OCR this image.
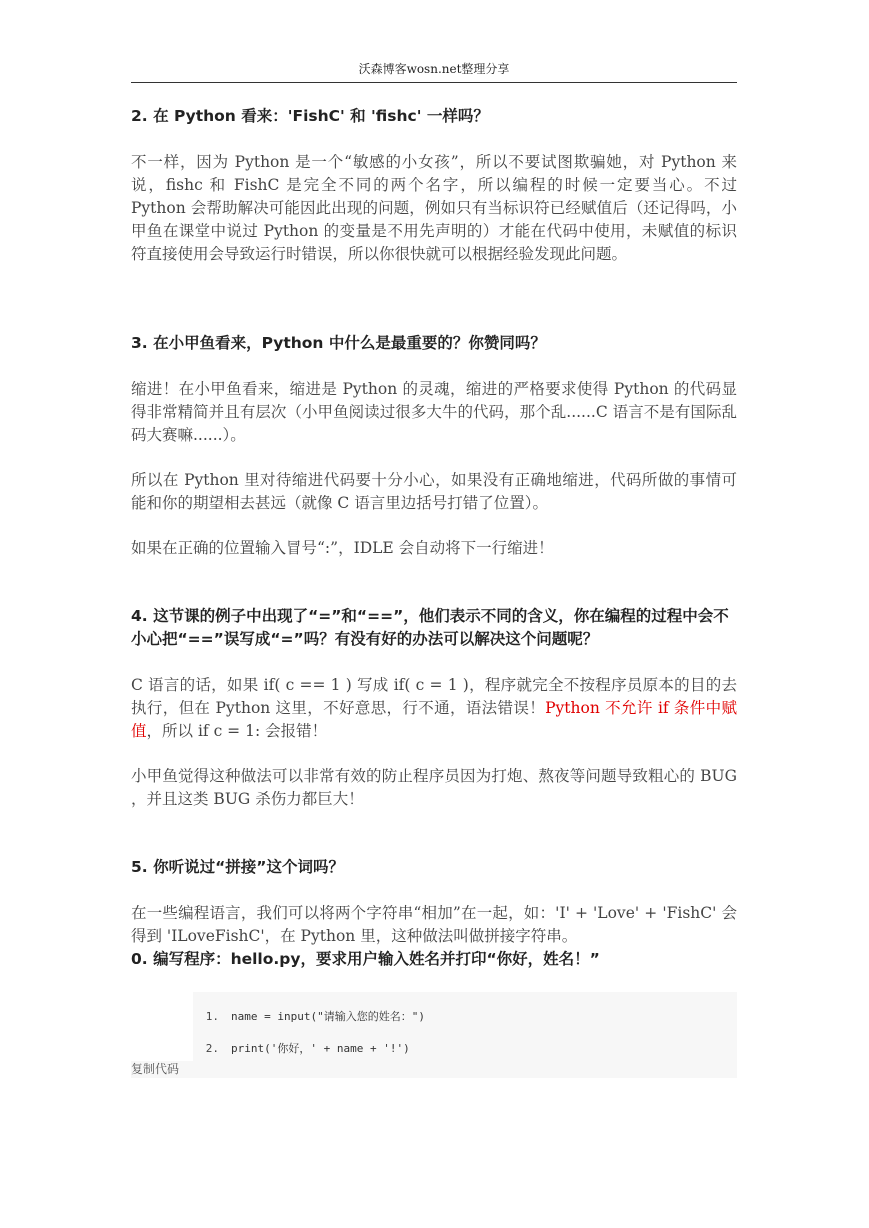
沃森博客wosn.net整理分享
2. 在 Python 看来：'FishC' 和 'fishc' 一样吗？
不一样，因为 Python 是一个“敏感的小女孩”，所以不要试图欺骗她，对 Python 来说，fishc 和 FishC 是完全不同的两个名字，所以编程的时候一定要当心。不过 Python 会帮助解决可能因此出现的问题，例如只有当标识符已经赋值后（还记得吗，小甲鱼在课堂中说过 Python 的变量是不用先声明的）才能在代码中使用，未赋值的标识符直接使用会导致运行时错误，所以你很快就可以根据经验发现此问题。
3. 在小甲鱼看来，Python 中什么是最重要的？你赞同吗？
缩进！在小甲鱼看来，缩进是 Python 的灵魂，缩进的严格要求使得 Python 的代码显得非常精简并且有层次（小甲鱼阅读过很多大牛的代码，那个乱......C 语言不是有国际乱码大赛嘛......）。
所以在 Python 里对待缩进代码要十分小心，如果没有正确地缩进，代码所做的事情可能和你的期望相去甚远（就像 C 语言里边括号打错了位置）。
如果在正确的位置输入冒号“:”，IDLE 会自动将下一行缩进！
4. 这节课的例子中出现了“=”和“==”，他们表示不同的含义，你在编程的过程中会不小心把“==”误写成“=”吗？有没有好的办法可以解决这个问题呢？
C 语言的话，如果 if( c == 1 ) 写成 if( c = 1 )，程序就完全不按程序员原本的目的去执行，但在 Python 这里，不好意思，行不通，语法错误！Python 不允许 if 条件中赋值，所以 if c = 1: 会报错！
小甲鱼觉得这种做法可以非常有效的防止程序员因为打炮、熬夜等问题导致粗心的 BUG ，并且这类 BUG 杀伤力都巨大！
5. 你听说过“拼接”这个词吗？
在一些编程语言，我们可以将两个字符串“相加”在一起，如：'I' + 'Love' + 'FishC' 会得到 'ILoveFishC'，在 Python 里，这种做法叫做拼接字符串。
0. 编写程序：hello.py，要求用户输入姓名并打印“你好，姓名！”
1. name = input("请输入您的姓名：")
2. print('你好，' + name + '!')
复制代码
